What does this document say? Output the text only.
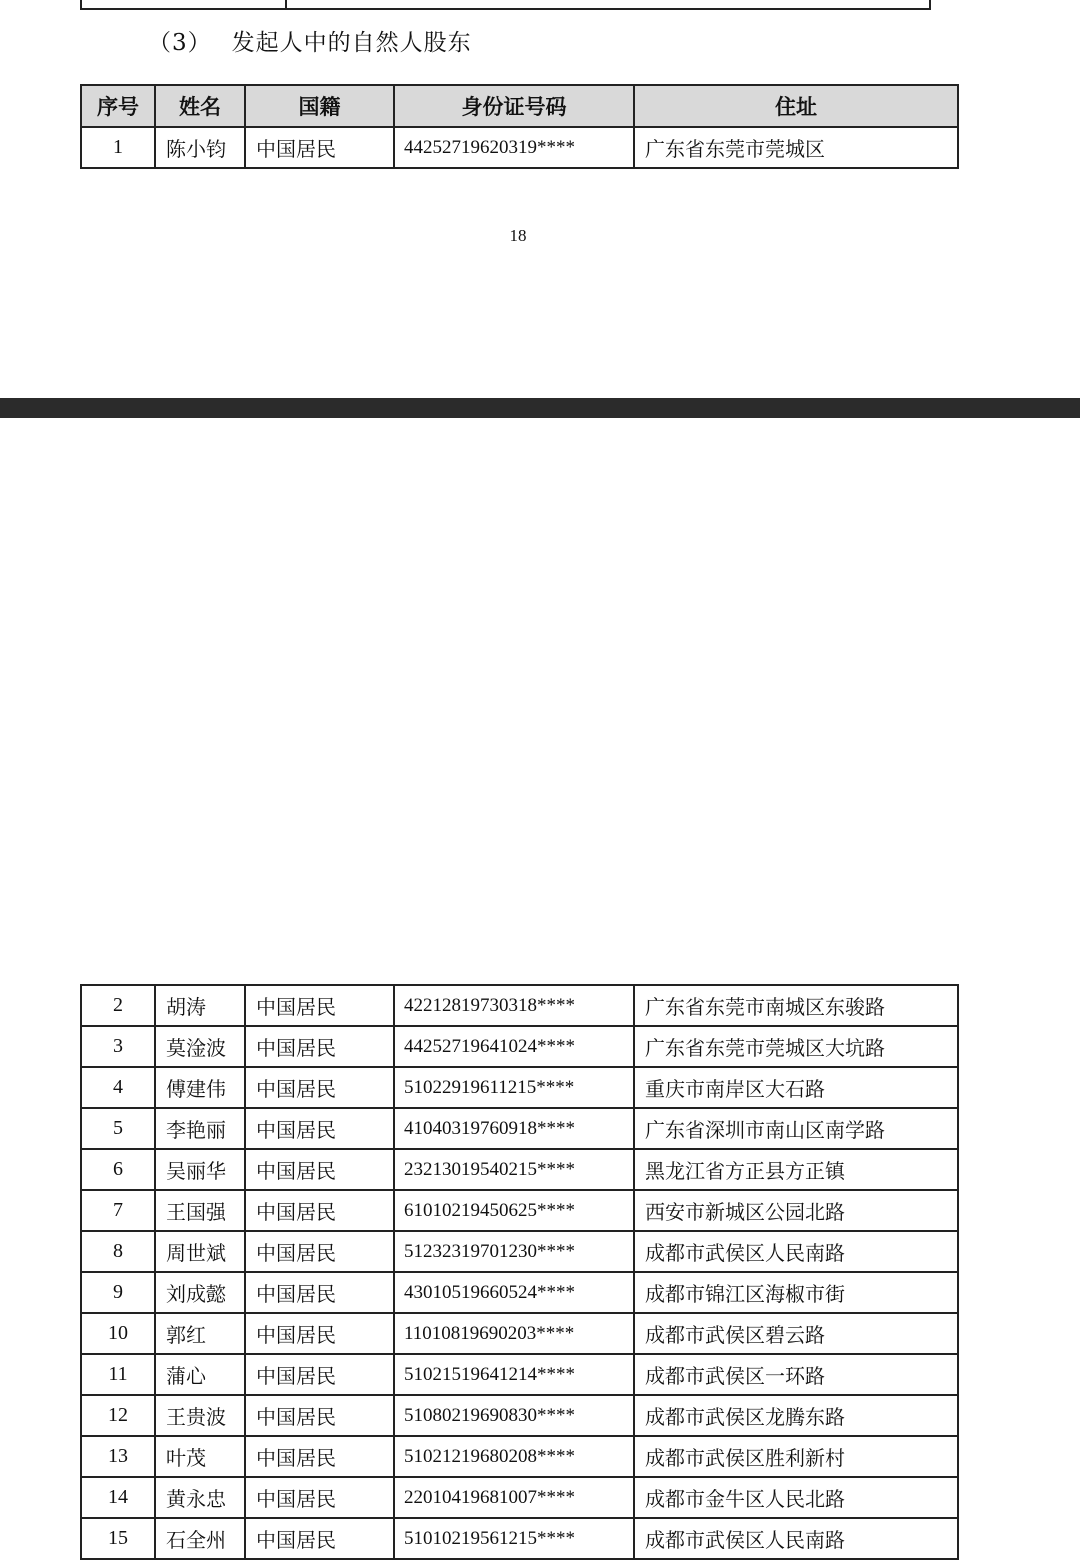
（3） 发起人中的自然人股东
序号	姓名	国籍	身份证号码	住址
1	陈小钧	中国居民	44252719620319****	广东省东莞市莞城区
18
2	胡涛	中国居民	42212819730318****	广东省东莞市南城区东骏路
3	莫淦波	中国居民	44252719641024****	广东省东莞市莞城区大坑路
4	傅建伟	中国居民	51022919611215****	重庆市南岸区大石路
5	李艳丽	中国居民	41040319760918****	广东省深圳市南山区南学路
6	吴丽华	中国居民	23213019540215****	黑龙江省方正县方正镇
7	王国强	中国居民	61010219450625****	西安市新城区公园北路
8	周世斌	中国居民	51232319701230****	成都市武侯区人民南路
9	刘成懿	中国居民	43010519660524****	成都市锦江区海椒市街
10	郭红	中国居民	11010819690203****	成都市武侯区碧云路
11	蒲心	中国居民	51021519641214****	成都市武侯区一环路
12	王贵波	中国居民	51080219690830****	成都市武侯区龙腾东路
13	叶茂	中国居民	51021219680208****	成都市武侯区胜利新村
14	黄永忠	中国居民	22010419681007****	成都市金牛区人民北路
15	石全州	中国居民	51010219561215****	成都市武侯区人民南路
